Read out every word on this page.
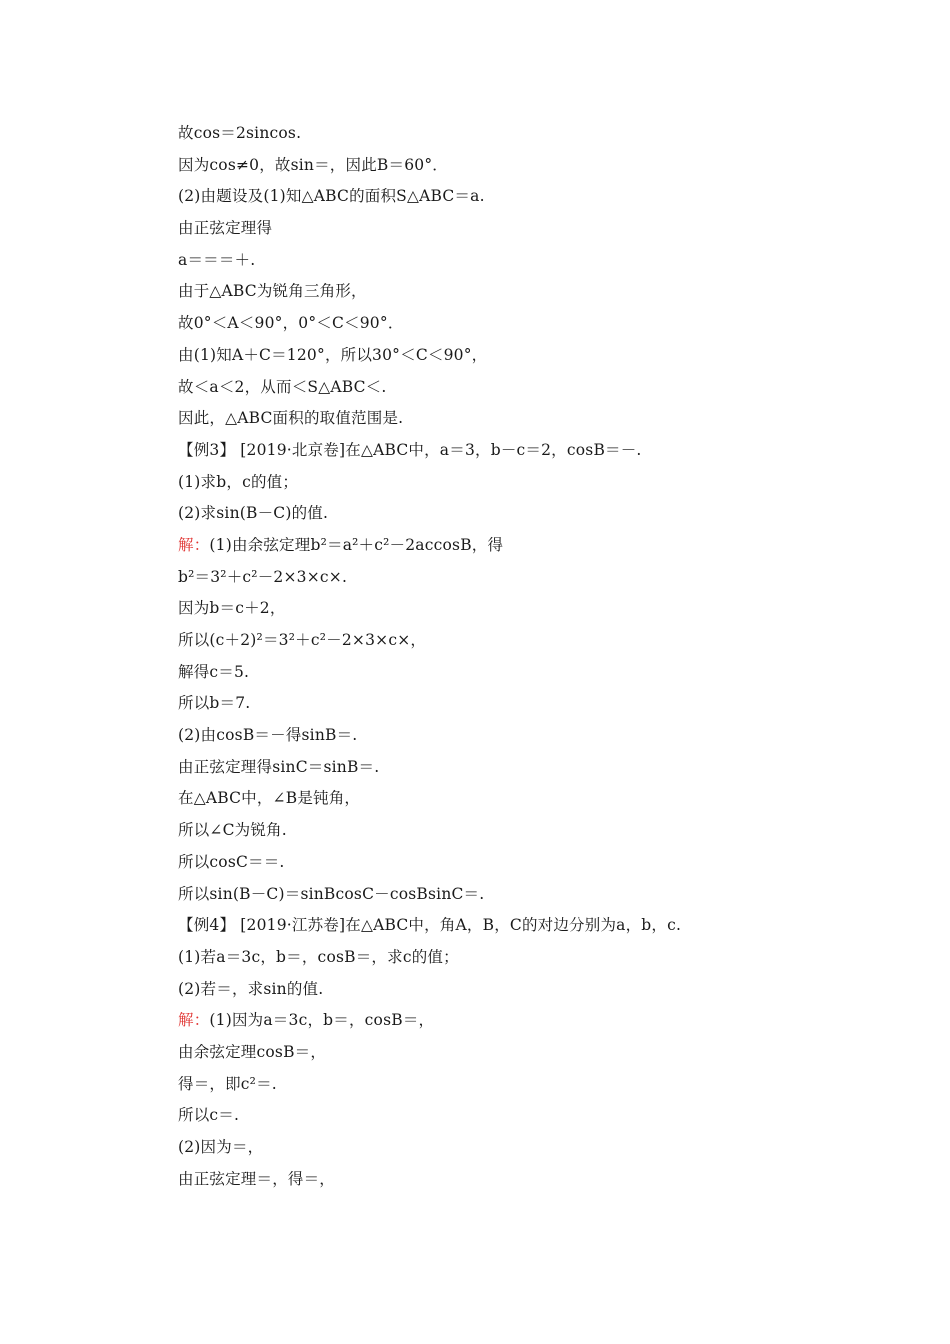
故cos＝2sincos.
因为cos≠0，故sin＝，因此B＝60°．
(2)由题设及(1)知△ABC的面积S△ABC＝a.
由正弦定理得
a＝＝＝＋.
由于△ABC为锐角三角形，
故0°＜A＜90°，0°＜C＜90°．
由(1)知A＋C＝120°，所以30°＜C＜90°，
故＜a＜2，从而＜S△ABC＜.
因此，△ABC面积的取值范围是.
【例3】 [2019·北京卷]在△ABC中，a＝3，b－c＝2，cosB＝－.
(1)求b，c的值；
(2)求sin(B－C)的值.
解：(1)由余弦定理b²＝a²＋c²－2accosB，得
b²＝3²＋c²－2×3×c×.
因为b＝c＋2，
所以(c＋2)²＝3²＋c²－2×3×c×，
解得c＝5.
所以b＝7.
(2)由cosB＝－得sinB＝.
由正弦定理得sinC＝sinB＝.
在△ABC中，∠B是钝角，
所以∠C为锐角.
所以cosC＝＝.
所以sin(B－C)＝sinBcosC－cosBsinC＝.
【例4】 [2019·江苏卷]在△ABC中，角A，B，C的对边分别为a，b，c.
(1)若a＝3c，b＝，cosB＝，求c的值；
(2)若＝，求sin的值.
解：(1)因为a＝3c，b＝，cosB＝，
由余弦定理cosB＝，
得＝，即c²＝.
所以c＝.
(2)因为＝，
由正弦定理＝，得＝，
